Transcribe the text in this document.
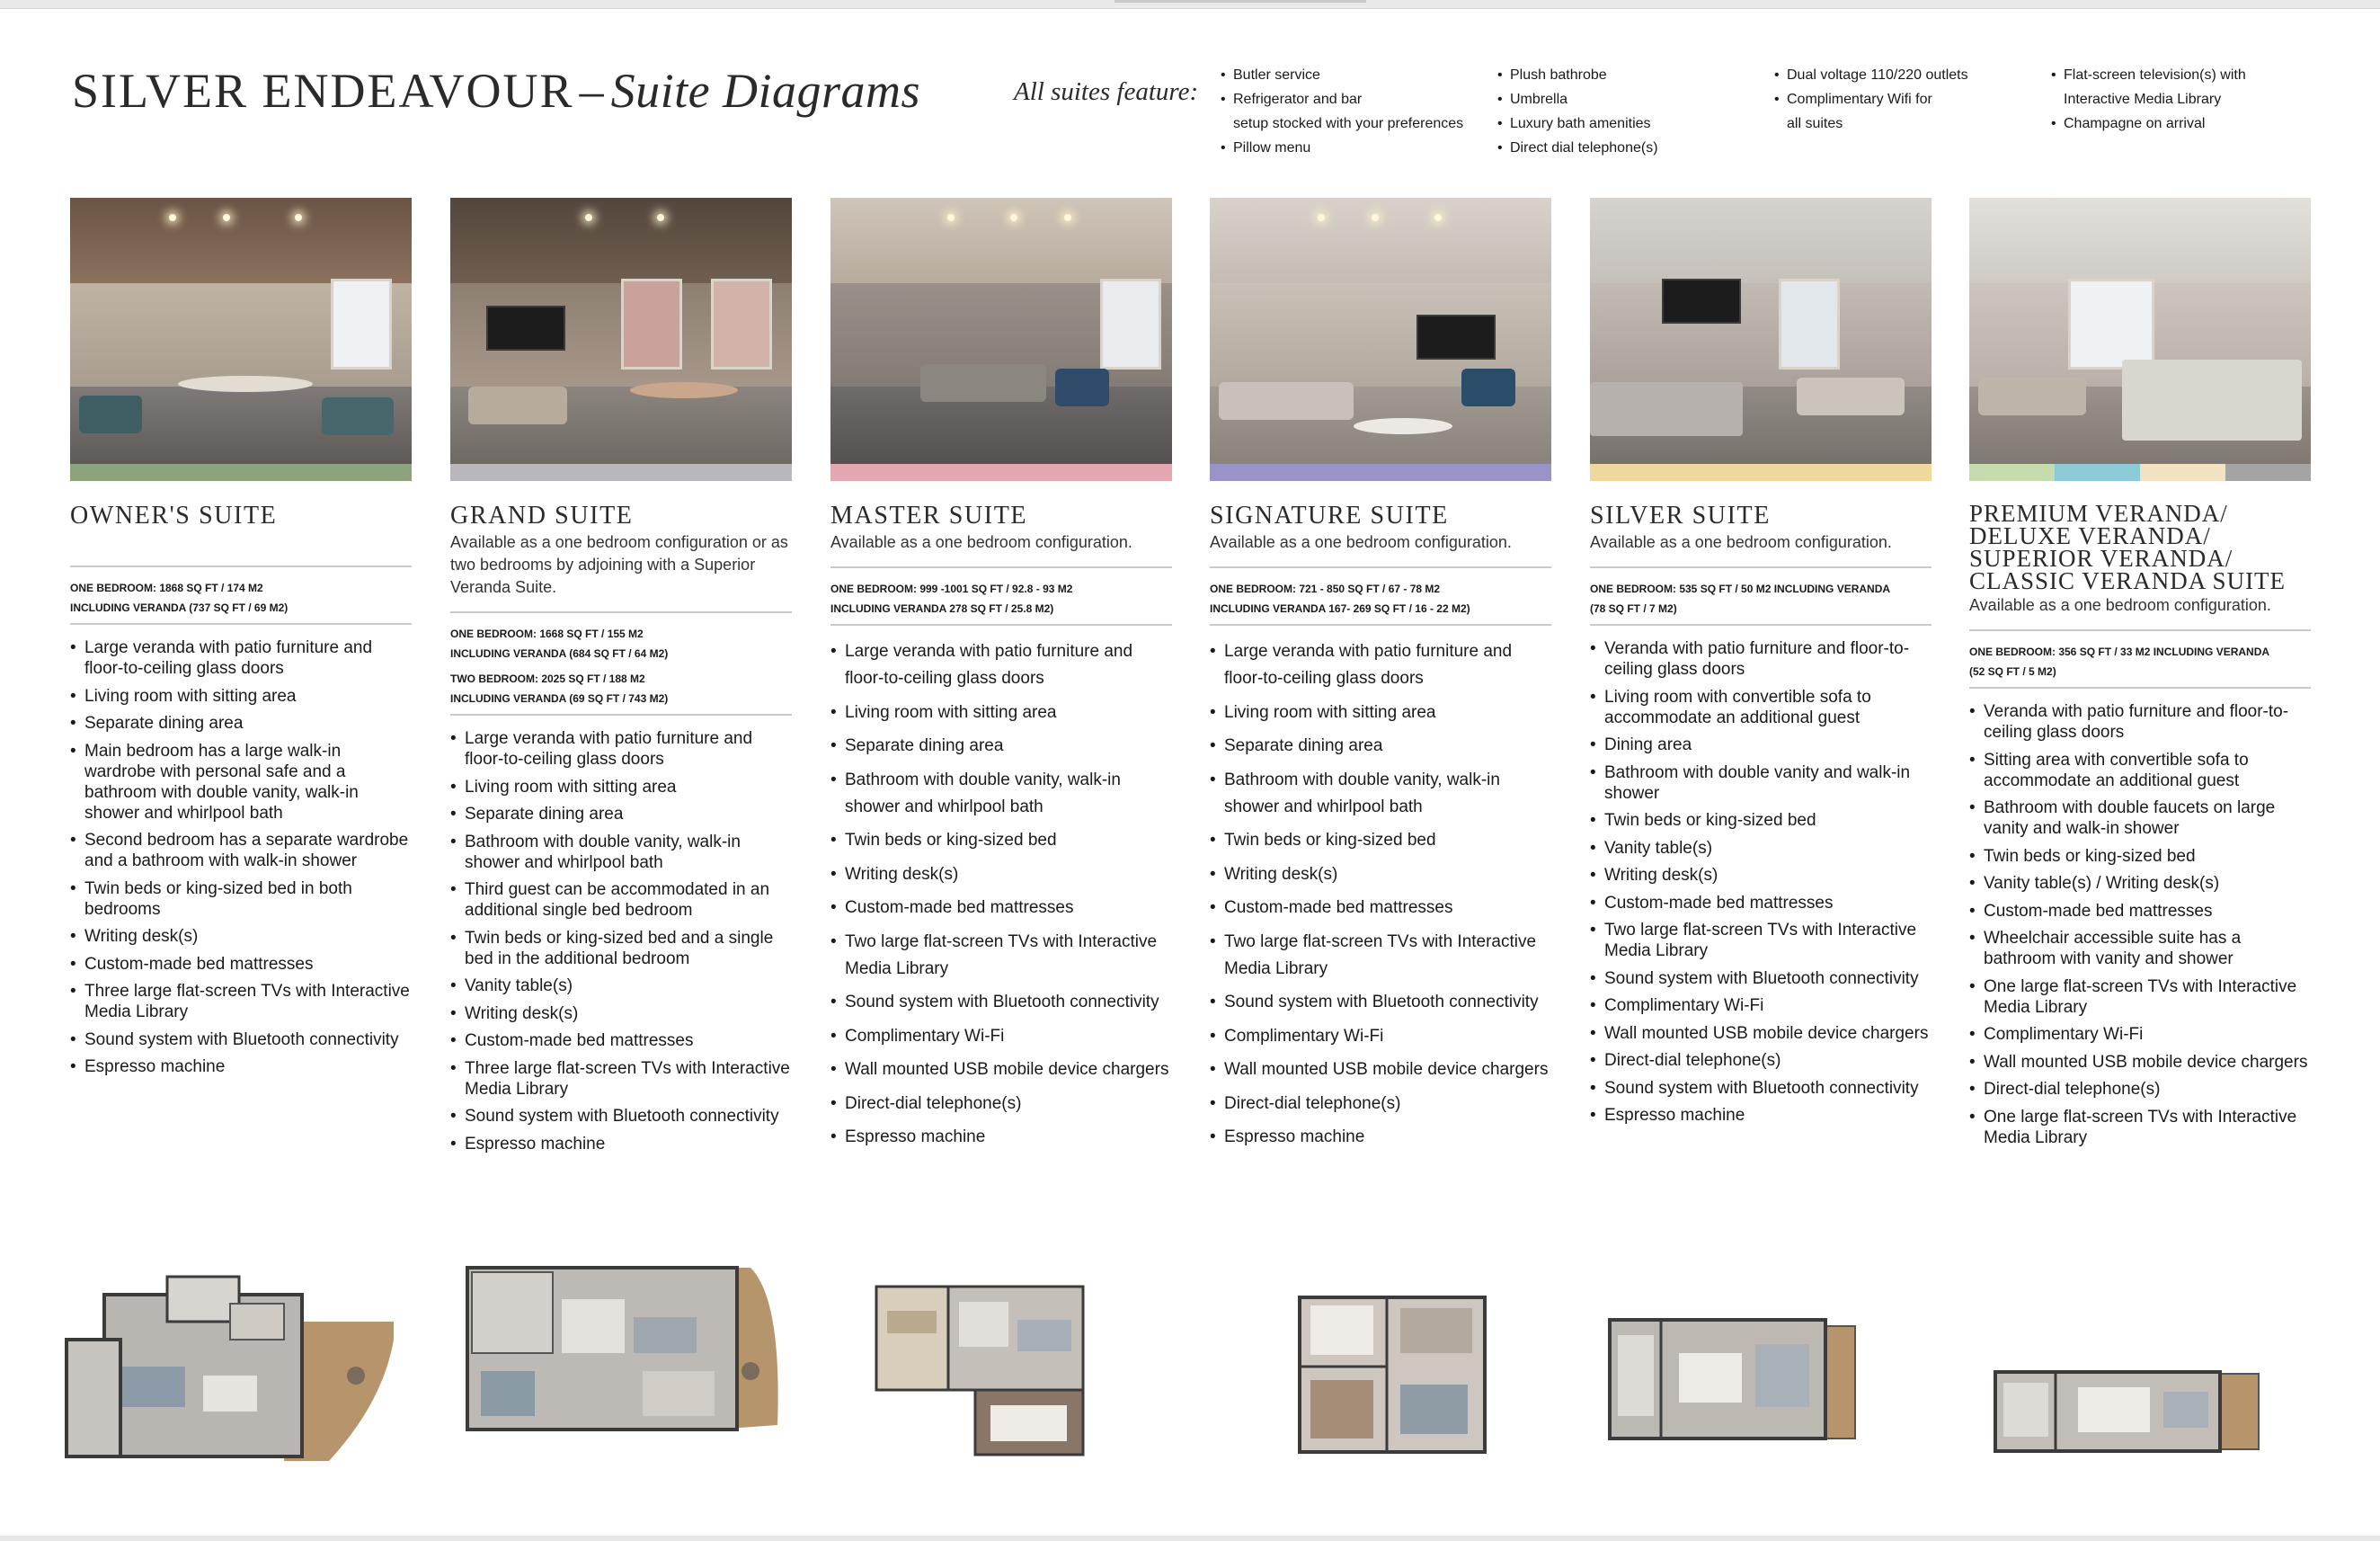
SILVER ENDEAVOUR – Suite Diagrams	All suites feature:
• Butler service
• Refrigerator and bar
setup stocked with your preferences
• Pillow menu
• Plush bathrobe
• Umbrella
• Luxury bath amenities
• Direct dial telephone(s)
• Dual voltage 110/220 outlets
• Complimentary Wifi for
all suites
• Flat-screen television(s) with
Interactive Media Library
• Champagne on arrival
OWNER'S SUITE
ONE BEDROOM: 1868 SQ FT / 174 M2
INCLUDING VERANDA (737 SQ FT / 69 M2)
• Large veranda with patio furniture and floor-to-ceiling glass doors
• Living room with sitting area
• Separate dining area
• Main bedroom has a large walk-in wardrobe with personal safe and a bathroom with double vanity, walk-in shower and whirlpool bath
• Second bedroom has a separate wardrobe and a bathroom with walk-in shower
• Twin beds or king-sized bed in both bedrooms
• Writing desk(s)
• Custom-made bed mattresses
• Three large flat-screen TVs with Interactive Media Library
• Sound system with Bluetooth connectivity
• Espresso machine
GRAND SUITE

Available as a one bedroom configuration or as two bedrooms by adjoining with a Superior Veranda Suite.

ONE BEDROOM: 1668 SQ FT / 155 M2
INCLUDING VERANDA (684 SQ FT / 64 M2)
TWO BEDROOM: 2025 SQ FT / 188 M2
INCLUDING VERANDA (69 SQ FT / 743 M2)
• Large veranda with patio furniture and floor-to-ceiling glass doors
• Living room with sitting area
• Separate dining area
• Bathroom with double vanity, walk-in shower and whirlpool bath
• Third guest can be accommodated in an additional single bed bedroom
• Twin beds or king-sized bed and a single bed in the additional bedroom
• Vanity table(s)
• Writing desk(s)
• Custom-made bed mattresses
• Three large flat-screen TVs with Interactive Media Library
• Sound system with Bluetooth connectivity
• Espresso machine
MASTER SUITE

Available as a one bedroom configuration.

ONE BEDROOM: 999 -1001 SQ FT / 92.8 - 93 M2
INCLUDING VERANDA 278 SQ FT / 25.8 M2)
• Large veranda with patio furniture and floor-to-ceiling glass doors
• Living room with sitting area
• Separate dining area
• Bathroom with double vanity, walk-in shower and whirlpool bath
• Twin beds or king-sized bed
• Writing desk(s)
• Custom-made bed mattresses
• Two large flat-screen TVs with Interactive Media Library
• Sound system with Bluetooth connectivity
• Complimentary Wi-Fi
• Wall mounted USB mobile device chargers
• Direct-dial telephone(s)
• Espresso machine
SIGNATURE SUITE

Available as a one bedroom configuration.

ONE BEDROOM: 721 - 850 SQ FT / 67 - 78 M2
INCLUDING VERANDA 167- 269 SQ FT / 16 - 22 M2)
• Large veranda with patio furniture and floor-to-ceiling glass doors
• Living room with sitting area
• Separate dining area
• Bathroom with double vanity, walk-in shower and whirlpool bath
• Twin beds or king-sized bed
• Writing desk(s)
• Custom-made bed mattresses
• Two large flat-screen TVs with Interactive Media Library
• Sound system with Bluetooth connectivity
• Complimentary Wi-Fi
• Wall mounted USB mobile device chargers
• Direct-dial telephone(s)
• Espresso machine
SILVER SUITE

Available as a one bedroom configuration.

ONE BEDROOM: 535 SQ FT / 50 M2 INCLUDING VERANDA
(78 SQ FT / 7 M2)
• Veranda with patio furniture and floor-to-ceiling glass doors
• Living room with convertible sofa to accommodate an additional guest
• Dining area
• Bathroom with double vanity and walk-in shower
• Twin beds or king-sized bed
• Vanity table(s)
• Writing desk(s)
• Custom-made bed mattresses
• Two large flat-screen TVs with Interactive Media Library
• Sound system with Bluetooth connectivity
• Complimentary Wi-Fi
• Wall mounted USB mobile device chargers
• Direct-dial telephone(s)
• Sound system with Bluetooth connectivity
• Espresso machine
PREMIUM VERANDA/
DELUXE VERANDA/
SUPERIOR VERANDA/
CLASSIC VERANDA SUITE

Available as a one bedroom configuration.

ONE BEDROOM: 356 SQ FT / 33 M2 INCLUDING VERANDA
(52 SQ FT / 5 M2)
• Veranda with patio furniture and floor-to-ceiling glass doors
• Sitting area with convertible sofa to accommodate an additional guest
• Bathroom with double faucets on large vanity and walk-in shower
• Twin beds or king-sized bed
• Vanity table(s) / Writing desk(s)
• Custom-made bed mattresses
• Wheelchair accessible suite has a bathroom with vanity and shower
• One large flat-screen TVs with Interactive Media Library
• Complimentary Wi-Fi
• Wall mounted USB mobile device chargers
• Direct-dial telephone(s)
• One large flat-screen TVs with Interactive Media Library
